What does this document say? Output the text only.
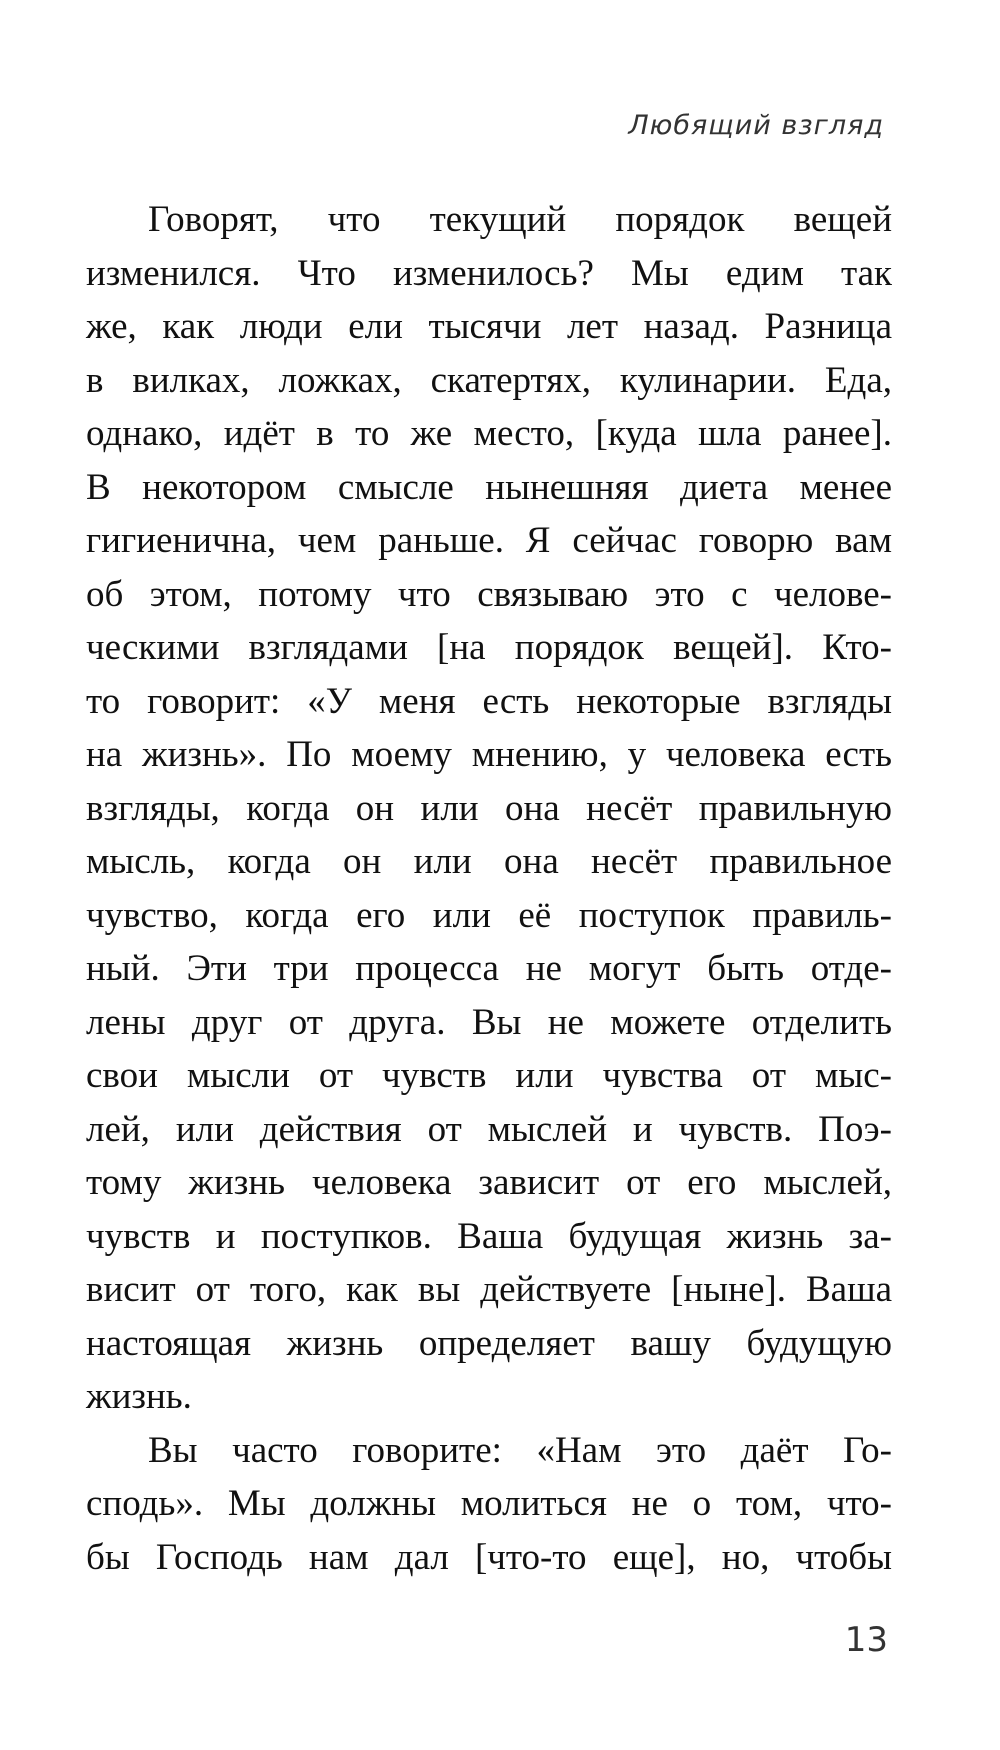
Любящий взгляд
Говорят, что текущий порядок вещей
изменился. Что изменилось? Мы едим так
же, как люди ели тысячи лет назад. Разница
в вилках, ложках, скатертях, кулинарии. Еда,
однако, идёт в то же место, [куда шла ранее].
В некотором смысле нынешняя диета менее
гигиенична, чем раньше. Я сейчас говорю вам
об этом, потому что связываю это с челове-
ческими взглядами [на порядок вещей]. Кто-
то говорит: «У меня есть некоторые взгляды
на жизнь». По моему мнению, у человека есть
взгляды, когда он или она несёт правильную
мысль, когда он или она несёт правильное
чувство, когда его или её поступок правиль-
ный. Эти три процесса не могут быть отде-
лены друг от друга. Вы не можете отделить
свои мысли от чувств или чувства от мыс-
лей, или действия от мыслей и чувств. Поэ-
тому жизнь человека зависит от его мыслей,
чувств и поступков. Ваша будущая жизнь за-
висит от того, как вы действуете [ныне]. Ваша
настоящая жизнь определяет вашу будущую
жизнь.
Вы часто говорите: «Нам это даёт Го-
сподь». Мы должны молиться не о том, что-
бы Господь нам дал [что-то еще], но, чтобы
13
